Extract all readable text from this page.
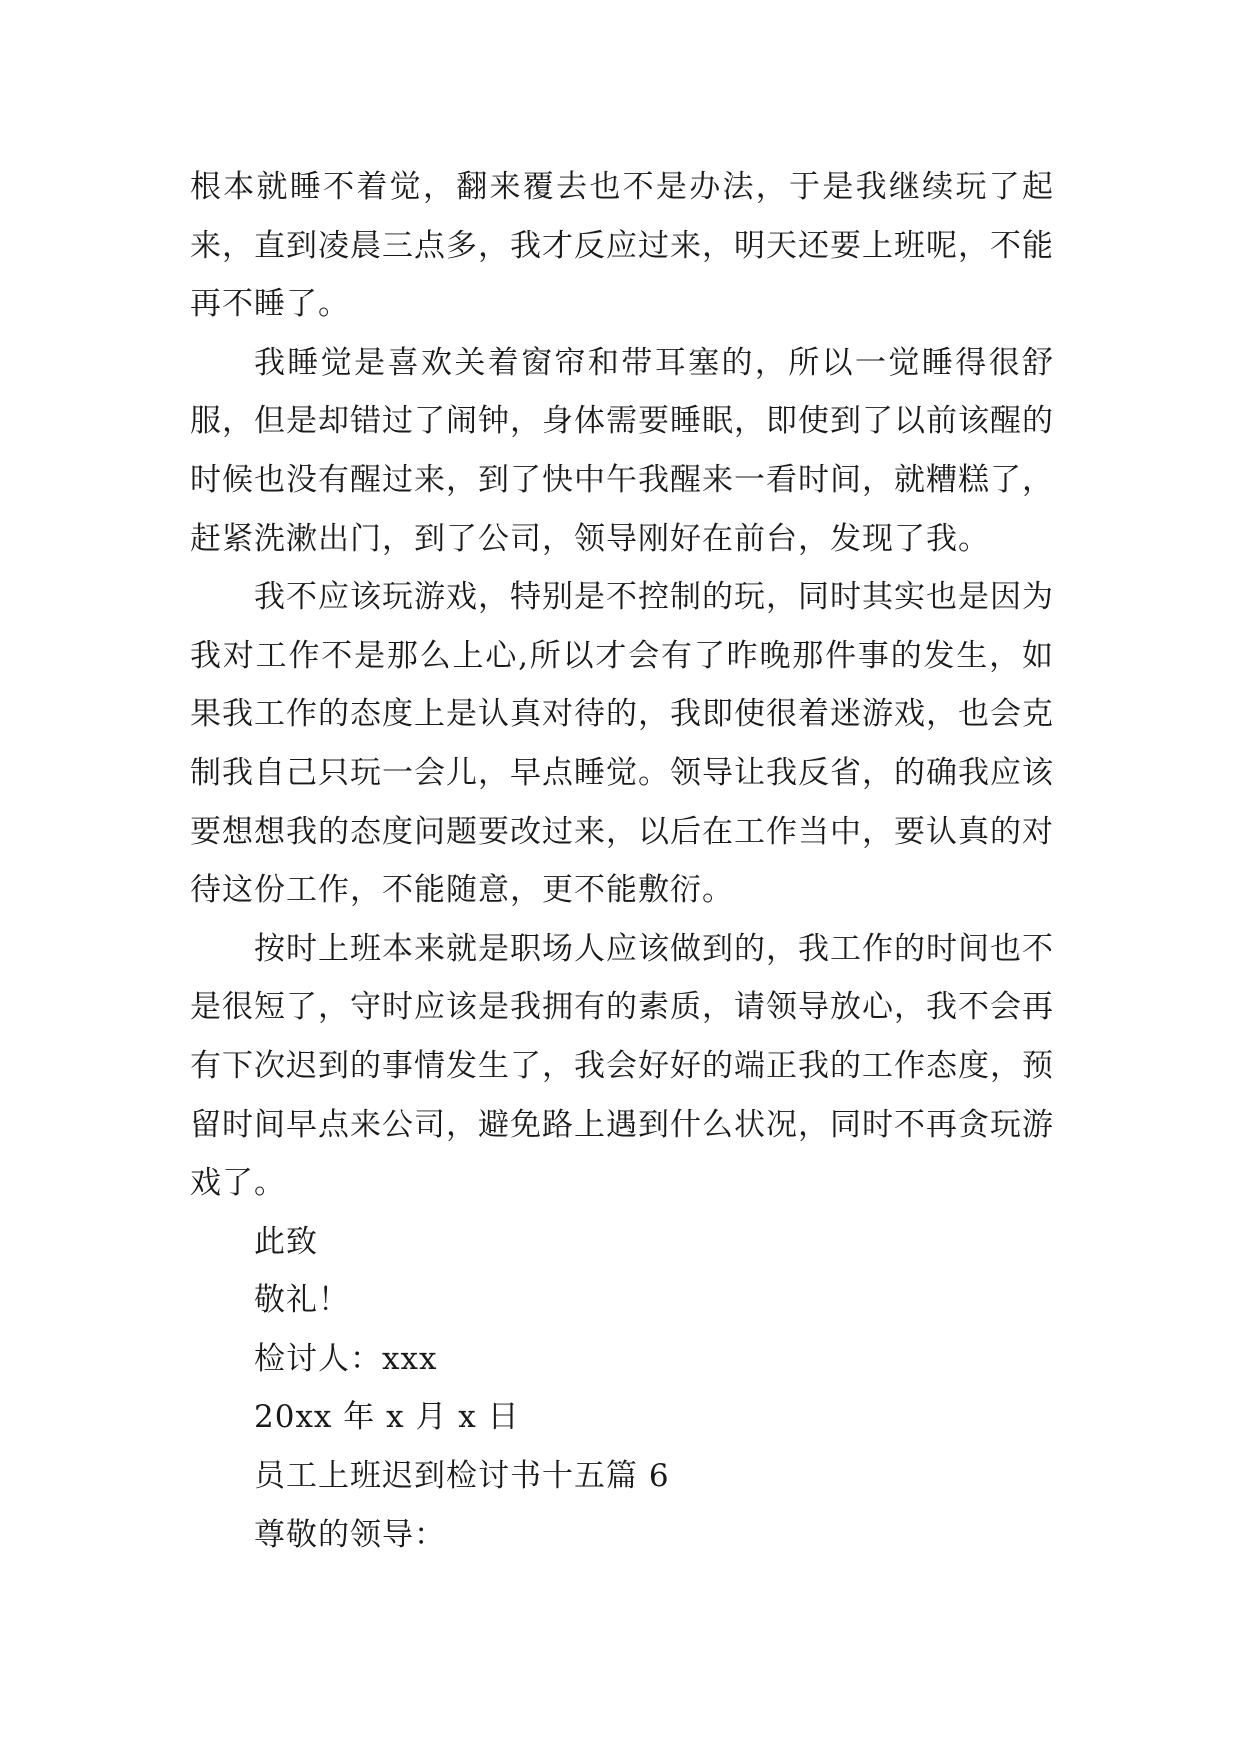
根本就睡不着觉，翻来覆去也不是办法，于是我继续玩了起来，直到凌晨三点多，我才反应过来，明天还要上班呢，不能再不睡了。

我睡觉是喜欢关着窗帘和带耳塞的，所以一觉睡得很舒服，但是却错过了闹钟，身体需要睡眠，即使到了以前该醒的时候也没有醒过来，到了快中午我醒来一看时间，就糟糕了，赶紧洗漱出门，到了公司，领导刚好在前台，发现了我。

我不应该玩游戏，特别是不控制的玩，同时其实也是因为我对工作不是那么上心,所以才会有了昨晚那件事的发生，如果我工作的态度上是认真对待的，我即使很着迷游戏，也会克制我自己只玩一会儿，早点睡觉。领导让我反省，的确我应该要想想我的态度问题要改过来，以后在工作当中，要认真的对待这份工作，不能随意，更不能敷衍。

按时上班本来就是职场人应该做到的，我工作的时间也不是很短了，守时应该是我拥有的素质，请领导放心，我不会再有下次迟到的事情发生了，我会好好的端正我的工作态度，预留时间早点来公司，避免路上遇到什么状况，同时不再贪玩游戏了。

此致

敬礼！

检讨人：xxx

20xx 年 x 月 x 日

员工上班迟到检讨书十五篇 6

尊敬的领导：
